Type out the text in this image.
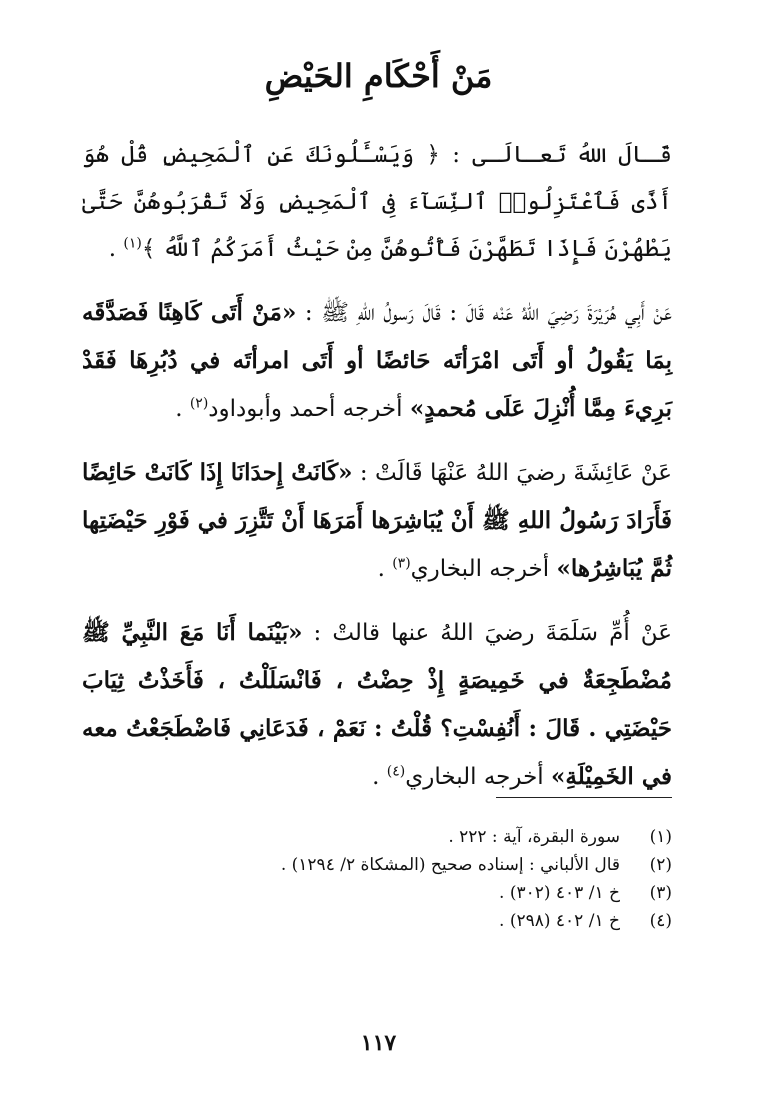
مَنْ أَحْكَامِ الحَيْضِ

قَـالَ اللهُ تَعـالَـى : ﴿ وَيَسْـَٔلُونَكَ عَنِ ٱلْمَحِيضِ قُلْ هُوَ أَذًى فَٱعْتَزِلُوا۟ ٱلنِّسَآءَ فِى ٱلْمَحِيضِ وَلَا تَقْرَبُوهُنَّ حَتَّىٰ يَطْهُرْنَ فَإِذَا تَطَهَّرْنَ فَأْتُوهُنَّ مِنْ حَيْثُ أَمَرَكُمُ ٱللَّهُ ﴾$^{(١)}$ .

عَنْ أَبِي هُرَيْرَةَ رَضِيَ اللهُ عَنْه قَالَ : قَالَ رَسولُ اللهِ ﷺ : «مَنْ أَتَى كَاهِنًا فَصَدَّقَه بِمَا يَقُولُ أو أَتَى امْرَأتَه حَائضًا أو أَتَى امرأتَه في دُبُرِهَا فَقَدْ بَرِيءَ مِمَّا أُنْزِلَ عَلَى مُحمدٍ» أخرجه أحمد وأبوداود$^{(٢)}$ .

عَنْ عَائِشَةَ رضيَ اللهُ عَنْهَا قَالَتْ : «كَانَتْ إِحدَانَا إِذَا كَانَتْ حَائِضًا فَأَرَادَ رَسُولُ اللهِ ﷺ أَنْ يُبَاشِرَها أَمَرَهَا أَنْ تَتَّزِرَ في فَوْرِ حَيْضَتِها ثُمَّ يُبَاشِرُها» أخرجه البخاري$^{(٣)}$ .

عَنْ أُمِّ سَلَمَةَ رضيَ اللهُ عنها قالتْ : «بَيْنَما أَنَا مَعَ النَّبِيِّ ﷺ مُضْطَجِعَةٌ في خَمِيصَةٍ إِذْ حِضْتُ ، فَانْسَلَلْتُ ، فَأَخَذْتُ ثِيَابَ حَيْضَتِي . قَالَ : أَنُفِسْتِ؟ قُلْتُ : نَعَمْ ، فَدَعَانِي فَاضْطَجَعْتُ معه في الخَمِيْلَةِ» أخرجه البخاري$^{(٤)}$ .

(١)
سورة البقرة، آية : ٢٢٢ .
(٢)
قال الألباني : إسناده صحيح (المشكاة ٢/ ١٢٩٤) .
(٣)
خ ١/ ٤٠٣ (٣٠٢) .
(٤)
خ ١/ ٤٠٢ (٢٩٨) .
١١٧
